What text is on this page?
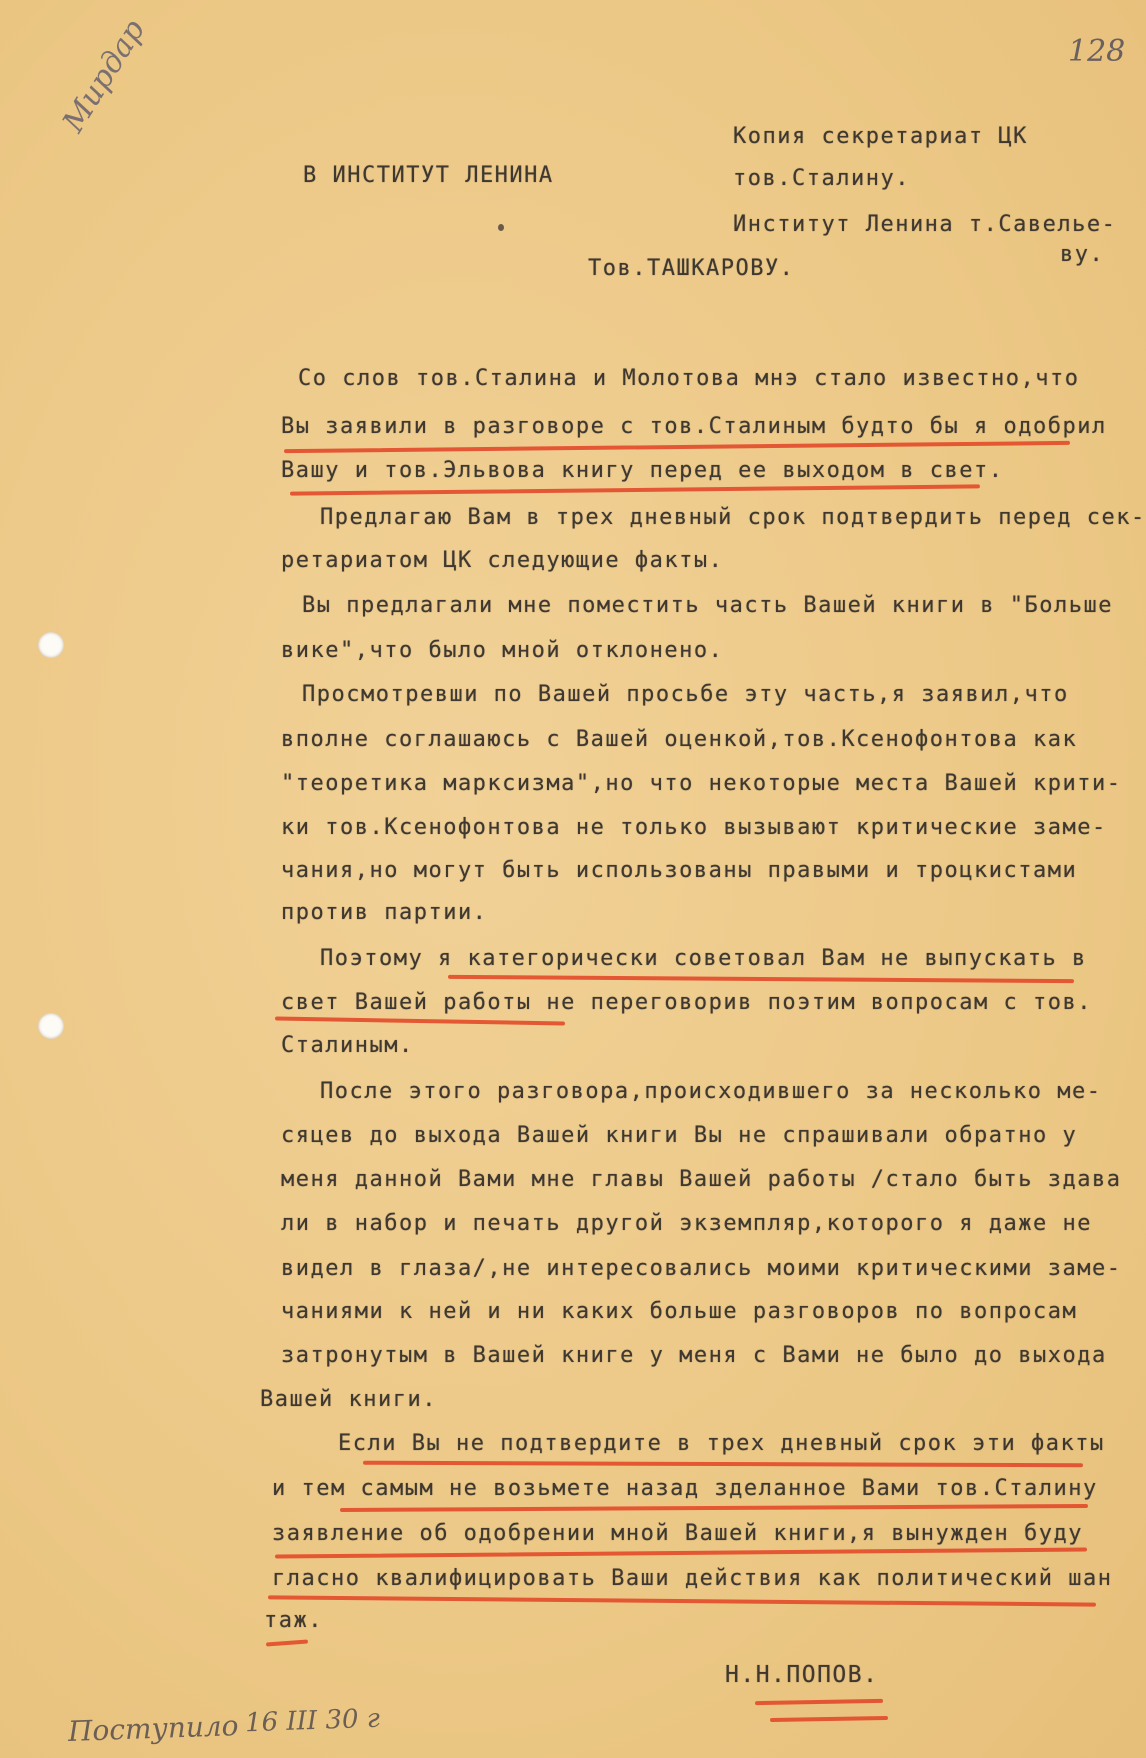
128
Мирдар
В ИНСТИТУТ ЛЕНИНА
Тов.ТАШКАРОВУ.
Копия секретариат ЦК
тов.Сталину.
Институт Ленина т.Савелье-
ву.
Со слов тов.Сталина и Молотова мнэ стало известно,что
Вы заявили в разговоре с тов.Сталиным будто бы я одобрил
Вашу и тов.Эльвова книгу перед ее выходом в свет.
Предлагаю Вам в трех дневный срок подтвердить перед сек-
ретариатом ЦК следующие факты.
Вы предлагали мне поместить часть Вашей книги в "Больше
вике",что было мной отклонено.
Просмотревши по Вашей просьбе эту часть,я заявил,что
вполне соглашаюсь с Вашей оценкой,тов.Ксенофонтова как
"теоретика марксизма",но что некоторые места Вашей крити-
ки тов.Ксенофонтова не только вызывают критические заме-
чания,но могут быть использованы правыми и троцкистами
против партии.
Поэтому я категорически советовал Вам не выпускать в
свет Вашей работы не переговорив поэтим вопросам с тов.
Сталиным.
После этого разговора,происходившего за несколько ме-
сяцев до выхода Вашей книги Вы не спрашивали обратно у
меня данной Вами мне главы Вашей работы /стало быть здава
ли в набор и печать другой экземпляр,которого я даже не
видел в глаза/,не интересовались моими критическими заме-
чаниями к ней и ни каких больше разговоров по вопросам
затронутым в Вашей книге у меня с Вами не было до выхода
Вашей книги.
Если Вы не подтвердите в трех дневный срок эти факты
и тем самым не возьмете назад зделанное Вами тов.Сталину
заявление об одобрении мной Вашей книги,я вынужден буду
гласно квалифицировать Ваши действия как политический шан
таж.
Н.Н.ПОПОВ.
Поступило 16 III 30 г
